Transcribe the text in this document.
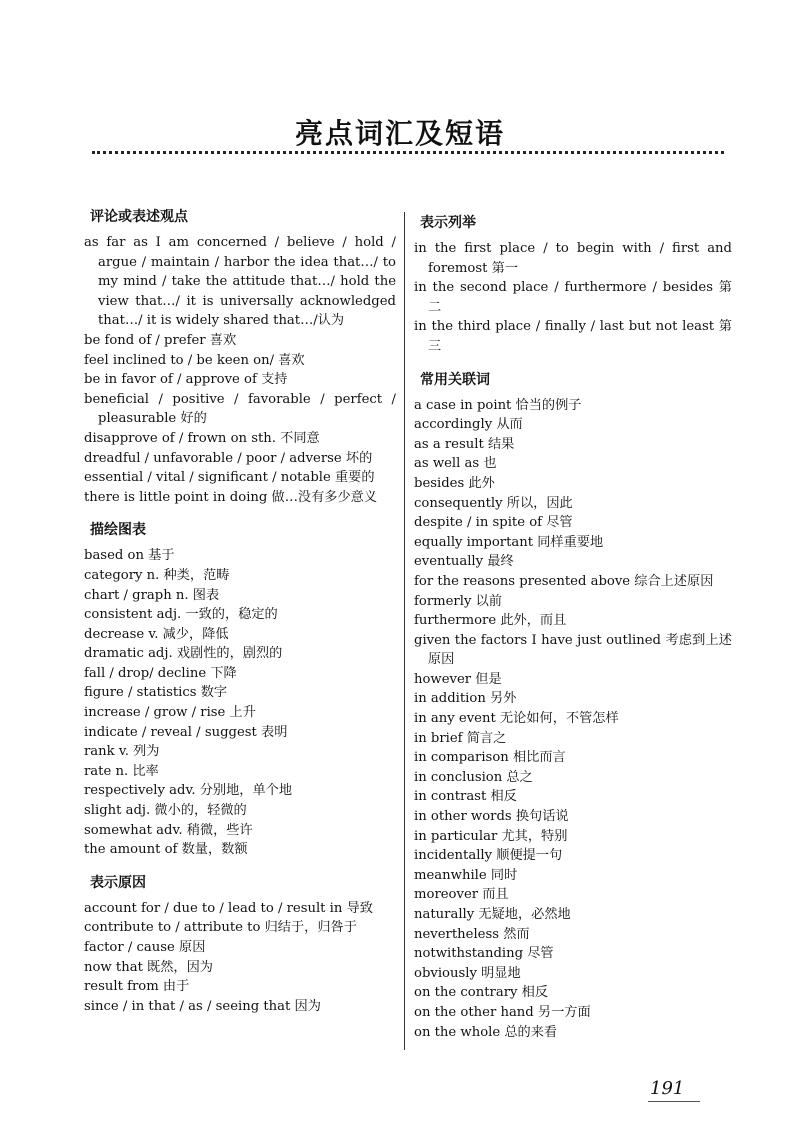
亮点词汇及短语
评论或表述观点
as far as I am concerned / believe / hold / argue / maintain / harbor the idea that…/ to my mind / take the attitude that…/ hold the view that…/ it is universally acknowledged that…/ it is widely shared that…/认为
be fond of / prefer 喜欢
feel inclined to / be keen on/ 喜欢
be in favor of / approve of 支持
beneficial / positive / favorable / perfect / pleasurable 好的
disapprove of / frown on sth. 不同意
dreadful / unfavorable / poor / adverse 坏的
essential / vital / significant / notable 重要的
there is little point in doing 做…没有多少意义
描绘图表
based on 基于
category n. 种类，范畴
chart / graph n. 图表
consistent adj. 一致的，稳定的
decrease v. 减少，降低
dramatic adj. 戏剧性的，剧烈的
fall / drop/ decline 下降
figure / statistics 数字
increase / grow / rise 上升
indicate / reveal / suggest 表明
rank v. 列为
rate n. 比率
respectively adv. 分别地，单个地
slight adj. 微小的，轻微的
somewhat adv. 稍微，些许
the amount of 数量，数额
表示原因
account for / due to / lead to / result in 导致
contribute to / attribute to 归结于，归咎于
factor / cause 原因
now that 既然，因为
result from 由于
since / in that / as / seeing that 因为
表示列举
in the first place / to begin with / first and foremost 第一
in the second place / furthermore / besides 第二
in the third place / finally / last but not least 第三
常用关联词
a case in point 恰当的例子
accordingly 从而
as a result 结果
as well as 也
besides 此外
consequently 所以，因此
despite / in spite of 尽管
equally important 同样重要地
eventually 最终
for the reasons presented above 综合上述原因
formerly 以前
furthermore 此外，而且
given the factors I have just outlined 考虑到上述原因
however 但是
in addition 另外
in any event 无论如何，不管怎样
in brief 简言之
in comparison 相比而言
in conclusion 总之
in contrast 相反
in other words 换句话说
in particular 尤其，特别
incidentally 顺便提一句
meanwhile 同时
moreover 而且
naturally 无疑地，必然地
nevertheless 然而
notwithstanding 尽管
obviously 明显地
on the contrary 相反
on the other hand 另一方面
on the whole 总的来看
191
